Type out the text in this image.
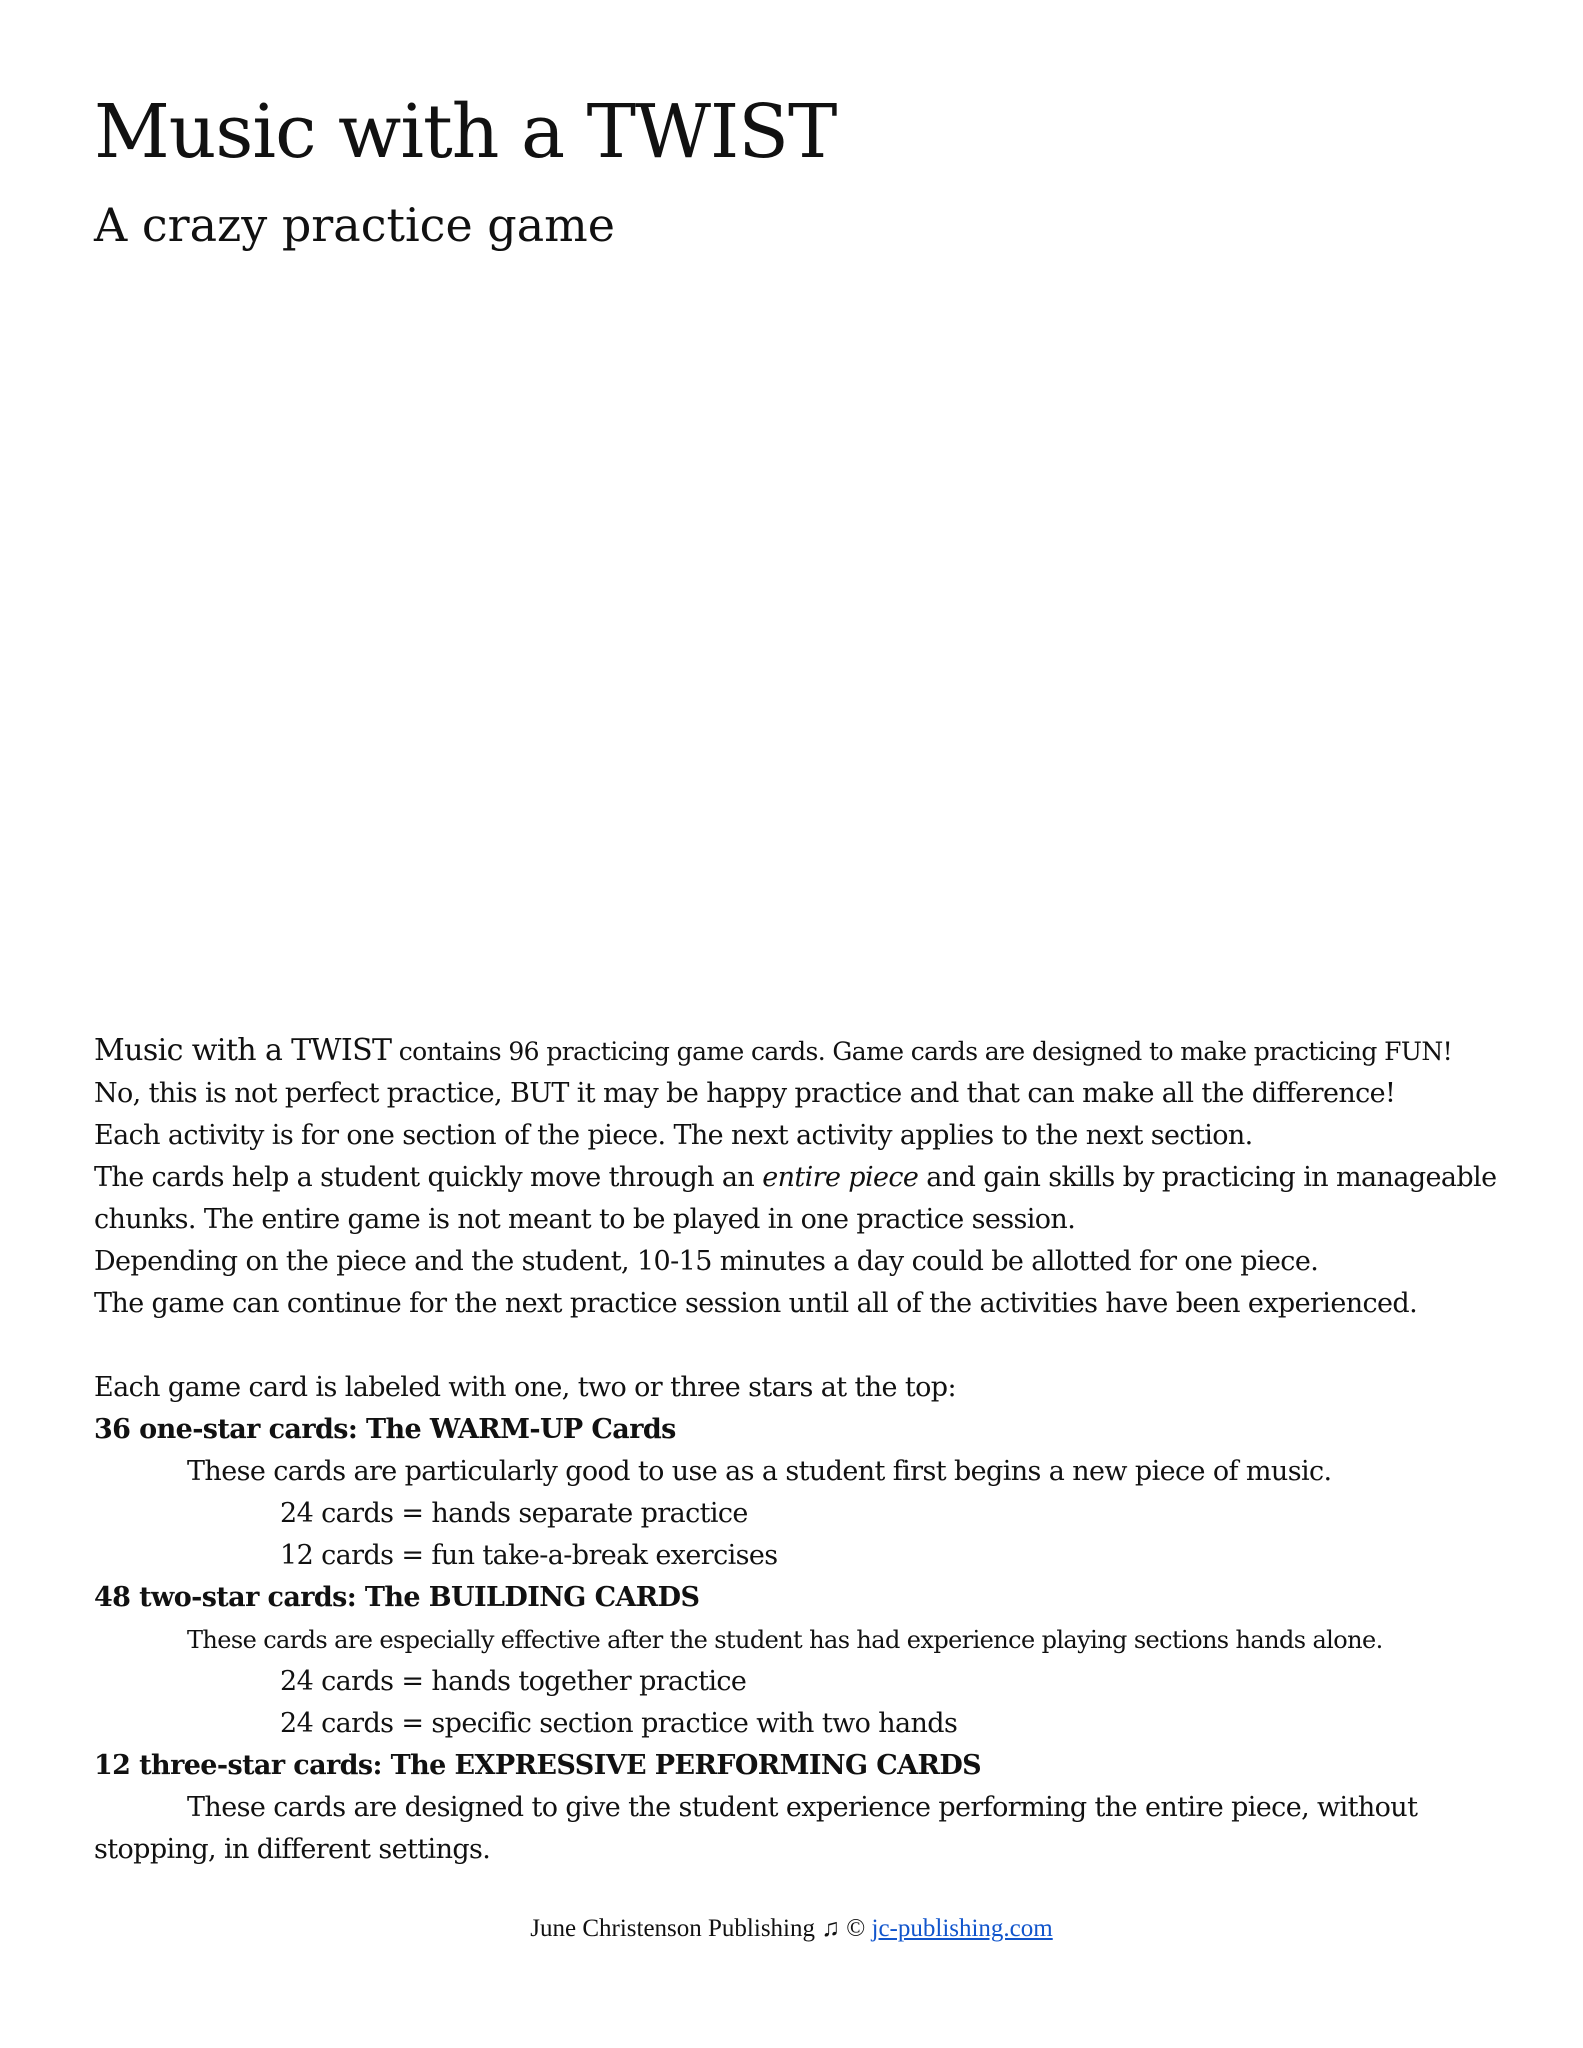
Music with a TWIST
A crazy practice game
Music with a TWIST contains 96 practicing game cards. Game cards are designed to make practicing FUN!
No, this is not perfect practice, BUT it may be happy practice and that can make all the difference!
Each activity is for one section of the piece. The next activity applies to the next section.
The cards help a student quickly move through an entire piece and gain skills by practicing in manageable chunks. The entire game is not meant to be played in one practice session.
Depending on the piece and the student, 10-15 minutes a day could be allotted for one piece.
The game can continue for the next practice session until all of the activities have been experienced.
Each game card is labeled with one, two or three stars at the top:
36 one-star cards: The WARM-UP Cards
These cards are particularly good to use as a student first begins a new piece of music.
24 cards = hands separate practice
12 cards = fun take-a-break exercises
48 two-star cards: The BUILDING CARDS
These cards are especially effective after the student has had experience playing sections hands alone.
24 cards = hands together practice
24 cards = specific section practice with two hands
12 three-star cards: The EXPRESSIVE PERFORMING CARDS
These cards are designed to give the student experience performing the entire piece, without stopping, in different settings.
June Christenson Publishing ♫ © jc-publishing.com
